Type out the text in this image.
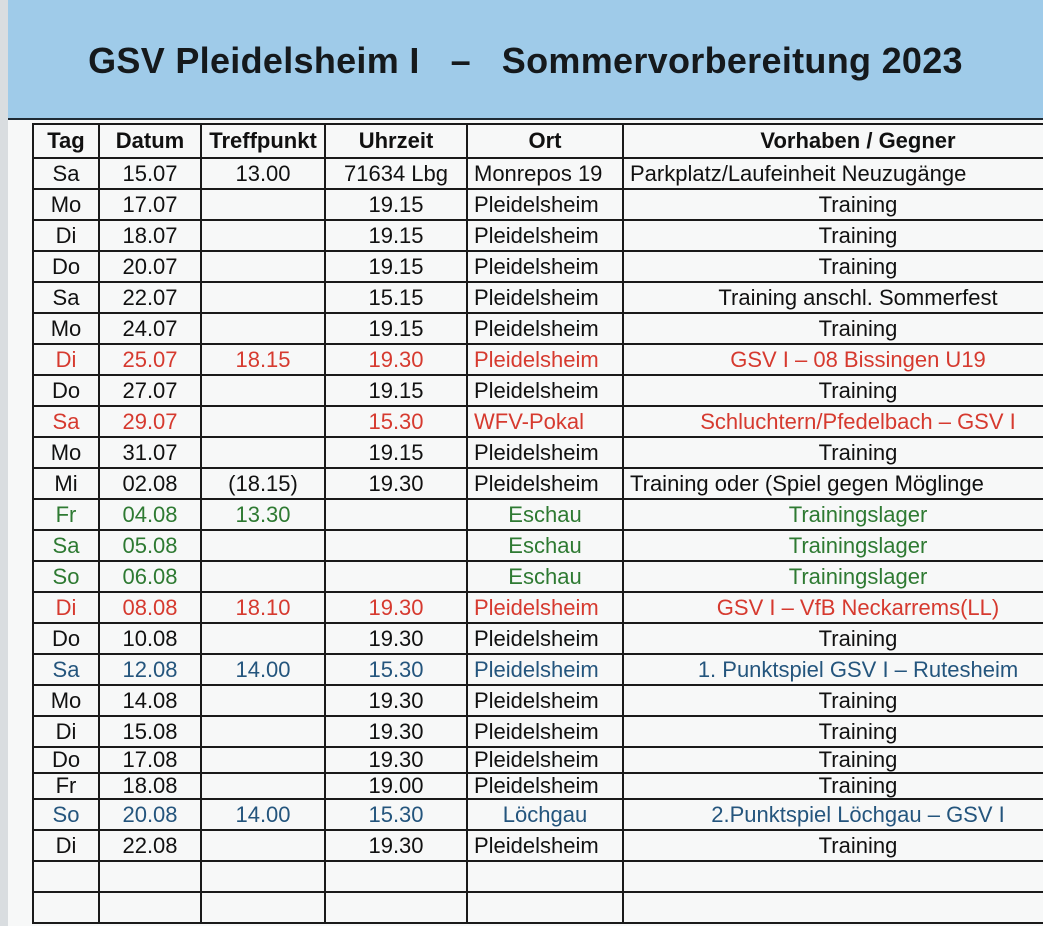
GSV Pleidelsheim I – Sommervorbereitung 2023
Tag	Datum	Treffpunkt	Uhrzeit	Ort	Vorhaben / Gegner
Sa	15.07	13.00	71634 Lbg	Monrepos 19	Parkplatz/Laufeinheit Neuzugänge
Mo	17.07		19.15	Pleidelsheim	Training
Di	18.07		19.15	Pleidelsheim	Training
Do	20.07		19.15	Pleidelsheim	Training
Sa	22.07		15.15	Pleidelsheim	Training anschl. Sommerfest
Mo	24.07		19.15	Pleidelsheim	Training
Di	25.07	18.15	19.30	Pleidelsheim	GSV I – 08 Bissingen U19
Do	27.07		19.15	Pleidelsheim	Training
Sa	29.07		15.30	WFV-Pokal	Schluchtern/Pfedelbach – GSV I
Mo	31.07		19.15	Pleidelsheim	Training
Mi	02.08	(18.15)	19.30	Pleidelsheim	Training oder (Spiel gegen Möglinge
Fr	04.08	13.30		Eschau	Trainingslager
Sa	05.08			Eschau	Trainingslager
So	06.08			Eschau	Trainingslager
Di	08.08	18.10	19.30	Pleidelsheim	GSV I – VfB Neckarrems(LL)
Do	10.08		19.30	Pleidelsheim	Training
Sa	12.08	14.00	15.30	Pleidelsheim	1. Punktspiel GSV I – Rutesheim
Mo	14.08		19.30	Pleidelsheim	Training
Di	15.08		19.30	Pleidelsheim	Training
Do	17.08		19.30	Pleidelsheim	Training
Fr	18.08		19.00	Pleidelsheim	Training
So	20.08	14.00	15.30	Löchgau	2.Punktspiel Löchgau – GSV I
Di	22.08		19.30	Pleidelsheim	Training
